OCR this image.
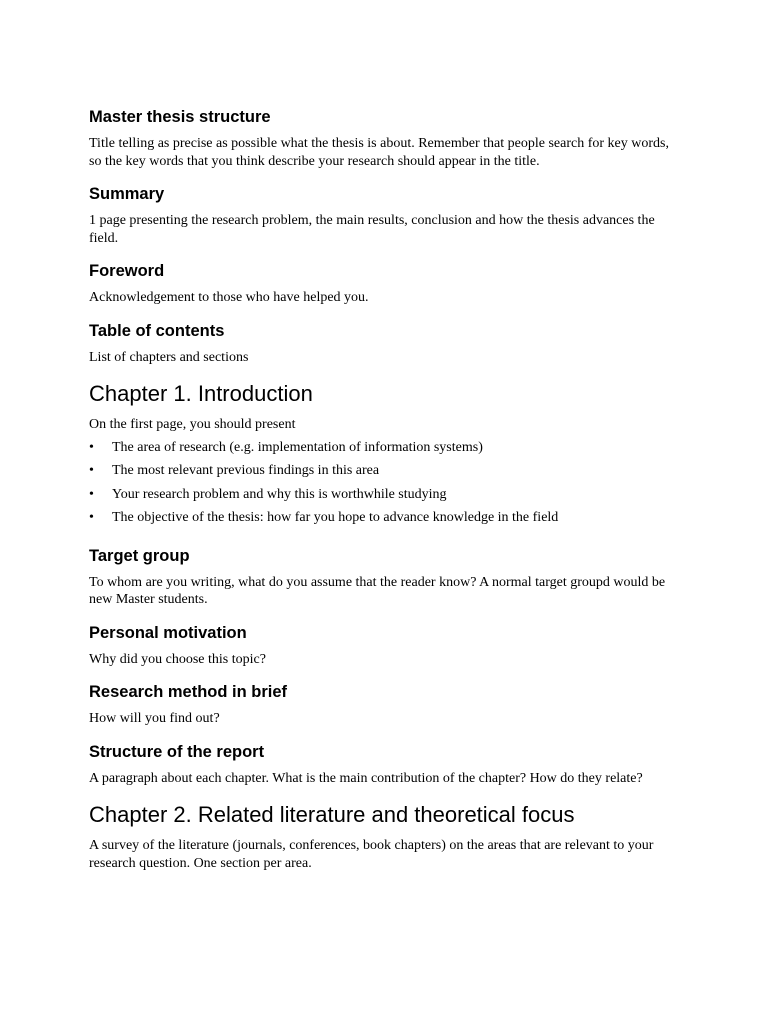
Master thesis structure

Title telling as precise as possible what the thesis is about. Remember that people search for key words, so the key words that you think describe your research should appear in the title.

Summary

1 page presenting the research problem, the main results, conclusion and how the thesis advances the field.

Foreword

Acknowledgement to those who have helped you.

Table of contents

List of chapters and sections

Chapter 1. Introduction

On the first page, you should present

• The area of research (e.g. implementation of information systems)
• The most relevant previous findings in this area
• Your research problem and why this is worthwhile studying
• The objective of the thesis: how far you hope to advance knowledge in the field
Target group

To whom are you writing, what do you assume that the reader know? A normal target groupd would be new Master students.

Personal motivation

Why did you choose this topic?

Research method in brief

How will you find out?

Structure of the report

A paragraph about each chapter. What is the main contribution of the chapter? How do they relate?

Chapter 2. Related literature and theoretical focus

A survey of the literature (journals, conferences, book chapters) on the areas that are relevant to your research question. One section per area.
